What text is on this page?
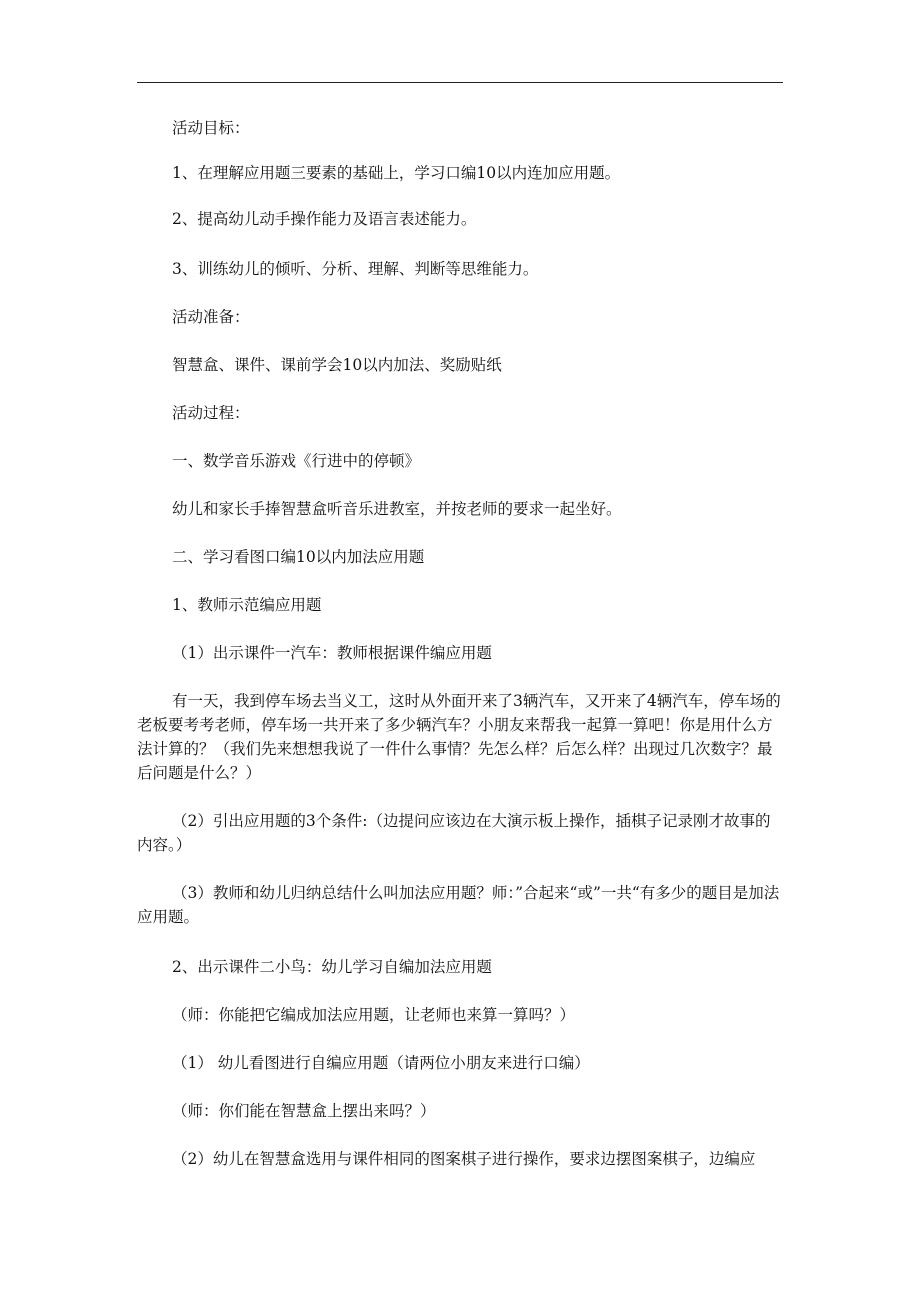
活动目标：

1、在理解应用题三要素的基础上，学习口编10以内连加应用题。

2、提高幼儿动手操作能力及语言表述能力。

3、训练幼儿的倾听、分析、理解、判断等思维能力。

活动准备：

智慧盒、课件、课前学会10以内加法、奖励贴纸

活动过程：

一、数学音乐游戏《行进中的停顿》

幼儿和家长手捧智慧盒听音乐进教室，并按老师的要求一起坐好。

二、学习看图口编10以内加法应用题

1、教师示范编应用题

（1）出示课件一汽车：教师根据课件编应用题

有一天，我到停车场去当义工，这时从外面开来了3辆汽车，又开来了4辆汽车，停车场的老板要考考老师，停车场一共开来了多少辆汽车？小朋友来帮我一起算一算吧！你是用什么方法计算的？（我们先来想想我说了一件什么事情？先怎么样？后怎么样？出现过几次数字？最后问题是什么？）

（2）引出应用题的3个条件:（边提问应该边在大演示板上操作，插棋子记录刚才故事的内容。）

（3）教师和幼儿归纳总结什么叫加法应用题？师：”合起来“或”一共“有多少的题目是加法应用题。

2、出示课件二小鸟：幼儿学习自编加法应用题

（师：你能把它编成加法应用题，让老师也来算一算吗？）

（1） 幼儿看图进行自编应用题（请两位小朋友来进行口编）

（师：你们能在智慧盒上摆出来吗？）

（2）幼儿在智慧盒选用与课件相同的图案棋子进行操作，要求边摆图案棋子，边编应
